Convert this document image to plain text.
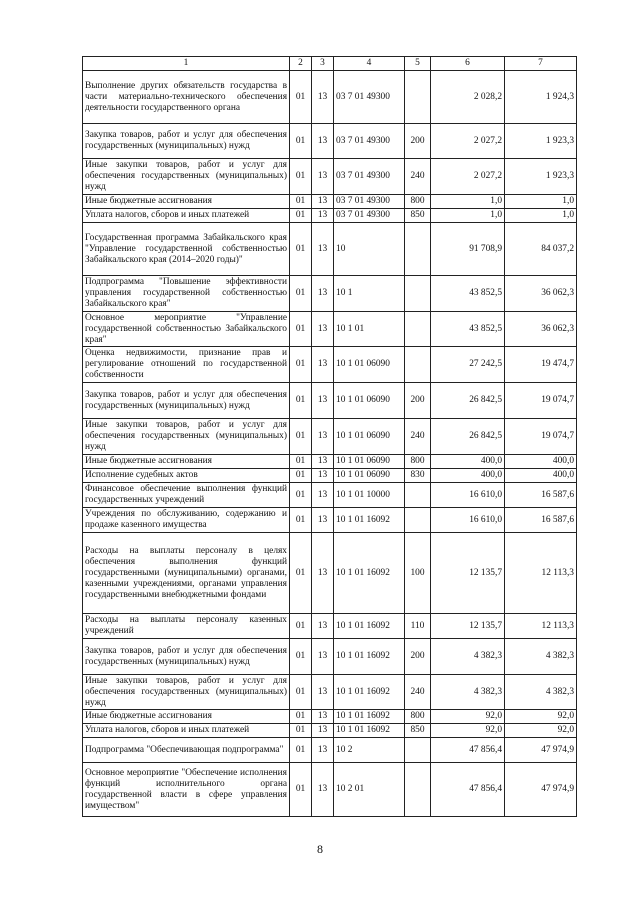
1	2	3	4	5	6	7
Выполнение других обязательств государства в части материально-технического обеспечения деятельности государственного органа	01	13	03 7 01 49300		2 028,2	1 924,3
Закупка товаров, работ и услуг для обеспечения государственных (муниципальных) нужд	01	13	03 7 01 49300	200	2 027,2	1 923,3
Иные закупки товаров, работ и услуг для обеспечения государственных (муниципальных) нужд	01	13	03 7 01 49300	240	2 027,2	1 923,3
Иные бюджетные ассигнования	01	13	03 7 01 49300	800	1,0	1,0
Уплата налогов, сборов и иных платежей	01	13	03 7 01 49300	850	1,0	1,0
Государственная программа Забайкальского края "Управление государственной собственностью Забайкальского края (2014–2020 годы)"	01	13	10		91 708,9	84 037,2
Подпрограмма "Повышение эффективности управления государственной собственностью Забайкальского края"	01	13	10 1		43 852,5	36 062,3
Основное мероприятие "Управление государственной собственностью Забайкальского края"	01	13	10 1 01		43 852,5	36 062,3
Оценка недвижимости, признание прав и регулирование отношений по государственной собственности	01	13	10 1 01 06090		27 242,5	19 474,7
Закупка товаров, работ и услуг для обеспечения государственных (муниципальных) нужд	01	13	10 1 01 06090	200	26 842,5	19 074,7
Иные закупки товаров, работ и услуг для обеспечения государственных (муниципальных) нужд	01	13	10 1 01 06090	240	26 842,5	19 074,7
Иные бюджетные ассигнования	01	13	10 1 01 06090	800	400,0	400,0
Исполнение судебных актов	01	13	10 1 01 06090	830	400,0	400,0
Финансовое обеспечение выполнения функций государственных учреждений	01	13	10 1 01 10000		16 610,0	16 587,6
Учреждения по обслуживанию, содержанию и продаже казенного имущества	01	13	10 1 01 16092		16 610,0	16 587,6
Расходы на выплаты персоналу в целях обеспечения выполнения функций государственными (муниципальными) органами, казенными учреждениями, органами управления государственными внебюджетными фондами	01	13	10 1 01 16092	100	12 135,7	12 113,3
Расходы на выплаты персоналу казенных учреждений	01	13	10 1 01 16092	110	12 135,7	12 113,3
Закупка товаров, работ и услуг для обеспечения государственных (муниципальных) нужд	01	13	10 1 01 16092	200	4 382,3	4 382,3
Иные закупки товаров, работ и услуг для обеспечения государственных (муниципальных) нужд	01	13	10 1 01 16092	240	4 382,3	4 382,3
Иные бюджетные ассигнования	01	13	10 1 01 16092	800	92,0	92,0
Уплата налогов, сборов и иных платежей	01	13	10 1 01 16092	850	92,0	92,0
Подпрограмма "Обеспечивающая подпрограмма"	01	13	10 2		47 856,4	47 974,9
Основное мероприятие "Обеспечение исполнения функций исполнительного органа государственной власти в сфере управления имуществом"	01	13	10 2 01		47 856,4	47 974,9
8
